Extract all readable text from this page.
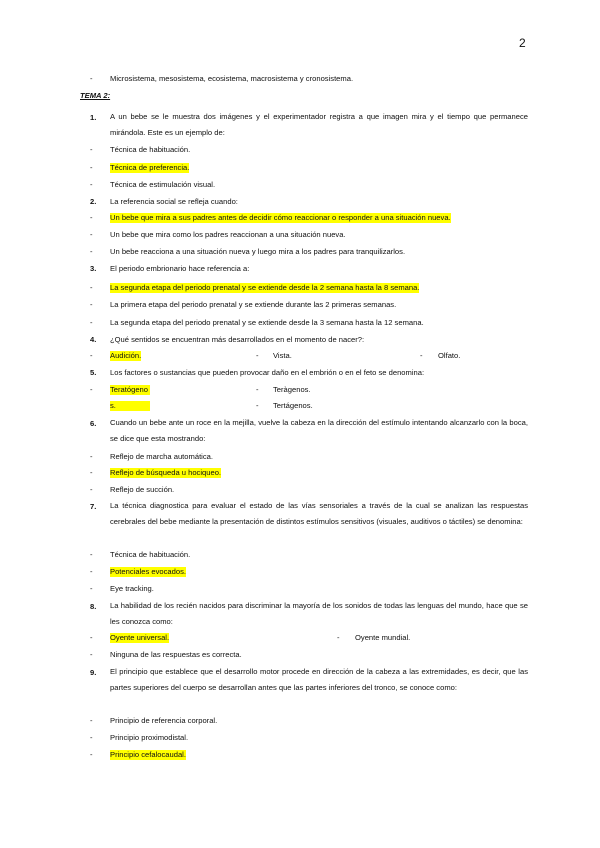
2
- Microsistema, mesosistema, ecosistema, macrosistema y cronosistema.
TEMA 2:
1. A un bebe se le muestra dos imágenes y el experimentador registra a que imagen mira y el tiempo que permanece mirándola. Este es un ejemplo de:
- Técnica de habituación.
- Técnica de preferencia.
- Técnica de estimulación visual.
2. La referencia social se refleja cuando:
- Un bebe que mira a sus padres antes de decidir cómo reaccionar o responder a una situación nueva.
- Un bebe que mira como los padres reaccionan a una situación nueva.
- Un bebe reacciona a una situación nueva y luego mira a los padres para tranquilizarlos.
3. El periodo embrionario hace referencia a:
- La segunda etapa del periodo prenatal y se extiende desde la 2 semana hasta la 8 semana.
- La primera etapa del periodo prenatal y se extiende durante las 2 primeras semanas.
- La segunda etapa del periodo prenatal y se extiende desde la 3 semana hasta la 12 semana.
4. ¿Qué sentidos se encuentran más desarrollados en el momento de nacer?:
- Audición.	- Vista.	- Olfato.
5. Los factores o sustancias que pueden provocar daño en el embrión o en el feto se denomina:
- Teratógeno
s.
- Teràgenos.
- Tertágenos.
6. Cuando un bebe ante un roce en la mejilla, vuelve la cabeza en la dirección del estímulo intentando alcanzarlo con la boca, se dice que esta mostrando:
- Reflejo de marcha automática.
- Reflejo de búsqueda u hociqueo.
- Reflejo de succión.
7. La técnica diagnostica para evaluar el estado de las vías sensoriales a través de la cual se analizan las respuestas cerebrales del bebe mediante la presentación de distintos estímulos sensitivos (visuales, auditivos o táctiles) se denomina:
- Técnica de habituación.
- Potenciales evocados.
- Eye tracking.
8. La habilidad de los recién nacidos para discriminar la mayoría de los sonidos de todas las lenguas del mundo, hace que se les conozca como:
- Oyente universal.	- Oyente mundial.
- Ninguna de las respuestas es correcta.
9. El principio que establece que el desarrollo motor procede en dirección de la cabeza a las extremidades, es decir, que las partes superiores del cuerpo se desarrollan antes que las partes inferiores del tronco, se conoce como:
- Principio de referencia corporal.
- Principio proximodistal.
- Principio cefalocaudal.
